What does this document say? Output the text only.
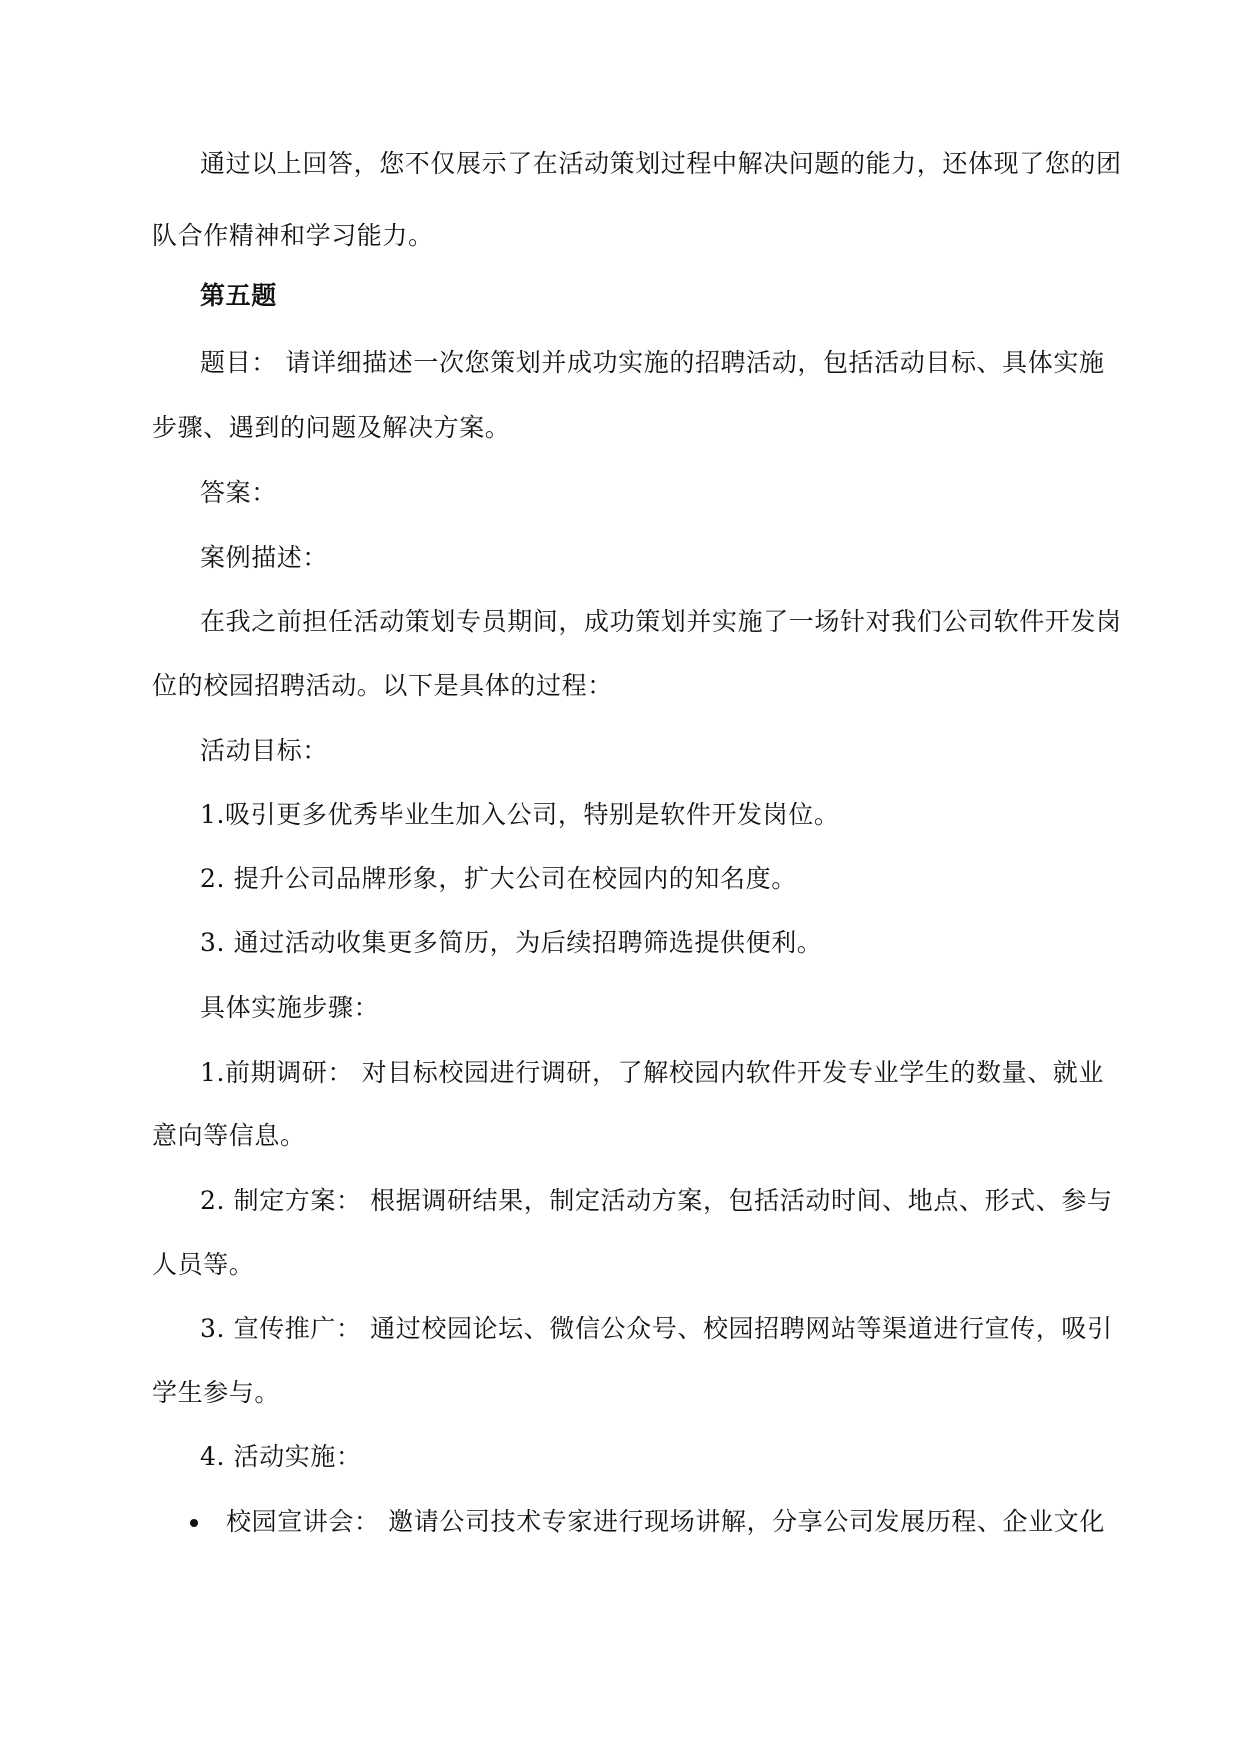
通过以上回答，您不仅展示了在活动策划过程中解决问题的能力，还体现了您的团
队合作精神和学习能力。
第五题
题目： 请详细描述一次您策划并成功实施的招聘活动，包括活动目标、具体实施
步骤、遇到的问题及解决方案。
答案：
案例描述：
在我之前担任活动策划专员期间，成功策划并实施了一场针对我们公司软件开发岗
位的校园招聘活动。以下是具体的过程：
活动目标：
1.吸引更多优秀毕业生加入公司，特别是软件开发岗位。
2. 提升公司品牌形象，扩大公司在校园内的知名度。
3. 通过活动收集更多简历，为后续招聘筛选提供便利。
具体实施步骤：
1.前期调研： 对目标校园进行调研，了解校园内软件开发专业学生的数量、就业
意向等信息。
2. 制定方案： 根据调研结果，制定活动方案，包括活动时间、地点、形式、参与
人员等。
3. 宣传推广： 通过校园论坛、微信公众号、校园招聘网站等渠道进行宣传，吸引
学生参与。
4. 活动实施：
校园宣讲会： 邀请公司技术专家进行现场讲解，分享公司发展历程、企业文化
